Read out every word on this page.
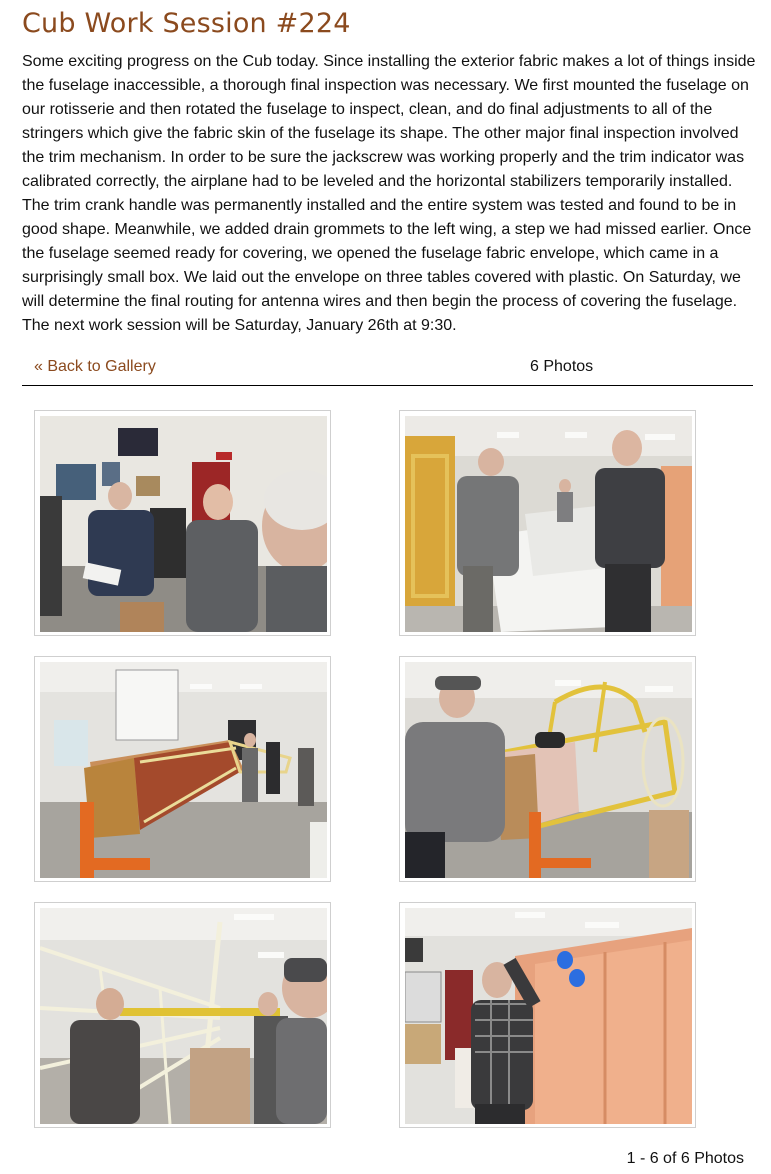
Cub Work Session #224

Some exciting progress on the Cub today. Since installing the exterior fabric makes a lot of things inside the fuselage inaccessible, a thorough final inspection was necessary. We first mounted the fuselage on our rotisserie and then rotated the fuselage to inspect, clean, and do final adjustments to all of the stringers which give the fabric skin of the fuselage its shape. The other major final inspection involved the trim mechanism. In order to be sure the jackscrew was working properly and the trim indicator was calibrated correctly, the airplane had to be leveled and the horizontal stabilizers temporarily installed. The trim crank handle was permanently installed and the entire system was tested and found to be in good shape. Meanwhile, we added drain grommets to the left wing, a step we had missed earlier. Once the fuselage seemed ready for covering, we opened the fuselage fabric envelope, which came in a surprisingly small box. We laid out the envelope on three tables covered with plastic. On Saturday, we will determine the final routing for antenna wires and then begin the process of covering the fuselage. The next work session will be Saturday, January 26th at 9:30.

« Back to Gallery	6 Photos
1 - 6 of 6 Photos
